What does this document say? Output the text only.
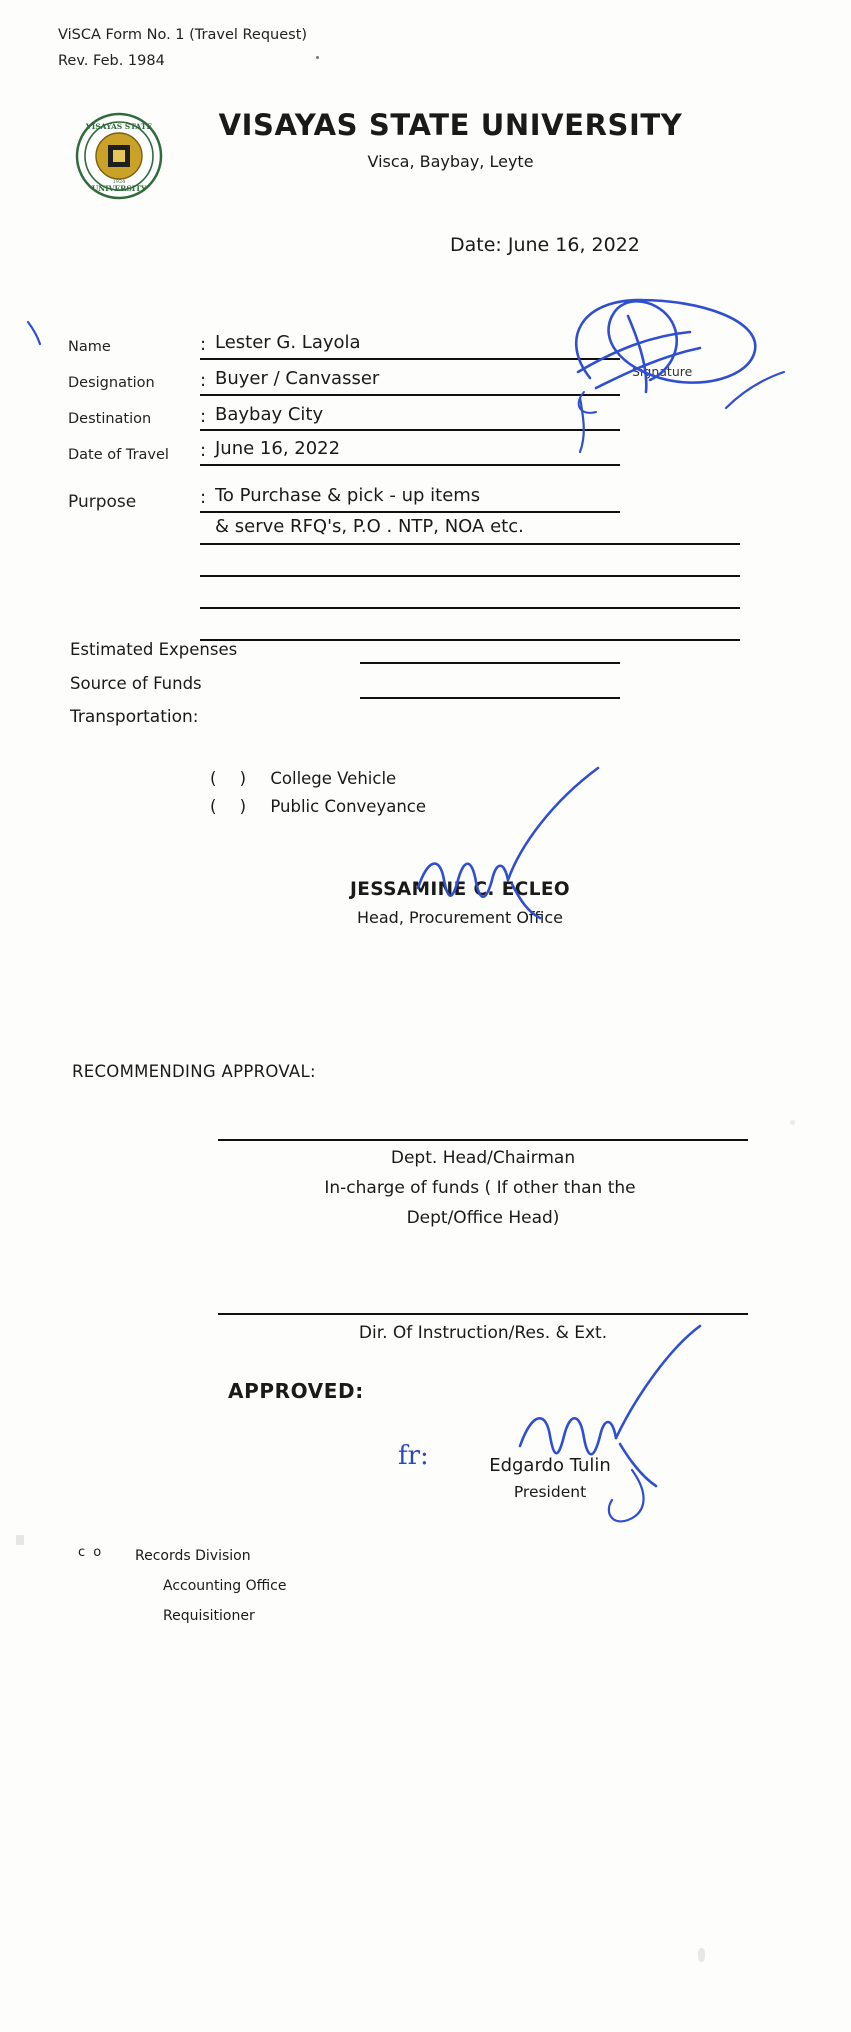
ViSCA Form No. 1 (Travel Request)
Rev. Feb. 1984
VISAYAS STATE
UNIVERSITY
1924
VISAYAS STATE UNIVERSITY
Visca, Baybay, Leyte
Date: June 16, 2022
Name	: Lester G. Layola
Designation	: Buyer / Canvasser	Signature
Destination	: Baybay City
Date of Travel : June 16, 2022
Purpose	: To Purchase & pick - up items
& serve RFQ's, P.O . NTP, NOA etc.
Estimated Expenses
Source of Funds
Transportation:
( ) College Vehicle
( ) Public Conveyance
JESSAMINE C. ECLEO
Head, Procurement Office
RECOMMENDING APPROVAL:
Dept. Head/Chairman
In-charge of funds ( If other than the
Dept/Office Head)
Dir. Of Instruction/Res. & Ext.
APPROVED:
fr:	Edgardo Tulin
President
c o Records Division
Accounting Office
Requisitioner
